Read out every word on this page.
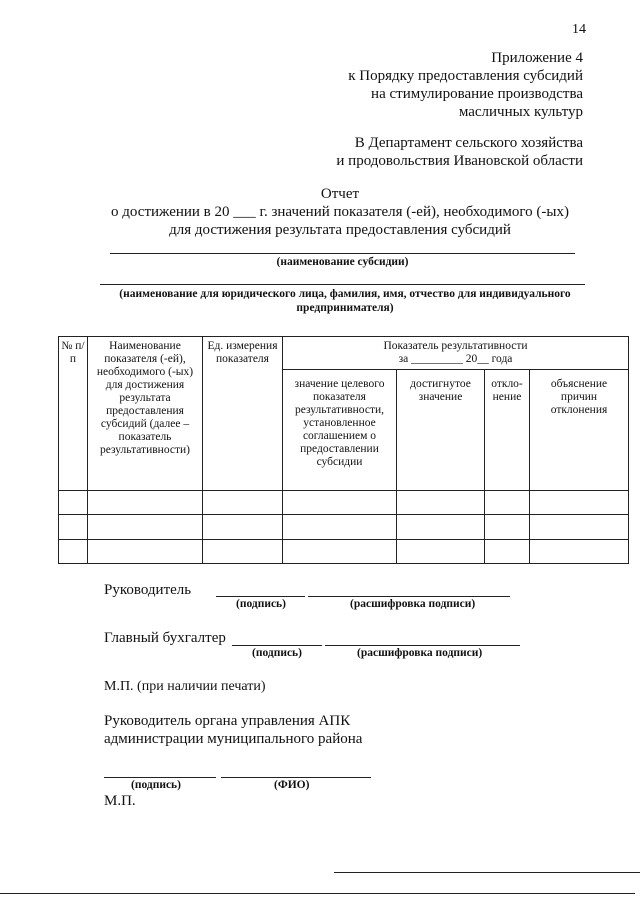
14
Приложение 4
к Порядку предоставления субсидий
на стимулирование производства
масличных культур
В Департамент сельского хозяйства
и продовольствия Ивановской области
Отчет
о достижении в 20 ___ г. значений показателя (-ей), необходимого (-ых)
для достижения результата предоставления субсидий
(наименование субсидии)
(наименование для юридического лица, фамилия, имя, отчество для индивидуального
предпринимателя)
№ п/п	Наименование показателя (-ей), необходимого (-ых) для достижения результата предоставления субсидий (далее – показатель результативности)	Ед. измерения показателя	Показатель результативности
за _________ 20__ года			

			значение целевого показателя результативности, установленное соглашением о предоставлении субсидии	достигнутое значение	откло-нение	объяснение причин отклонения

Руководитель
(подпись)	(расшифровка подписи)
Главный бухгалтер
(подпись)	(расшифровка подписи)
М.П. (при наличии печати)
Руководитель органа управления АПК
администрации муниципального района
(подпись)	(ФИО)
М.П.
